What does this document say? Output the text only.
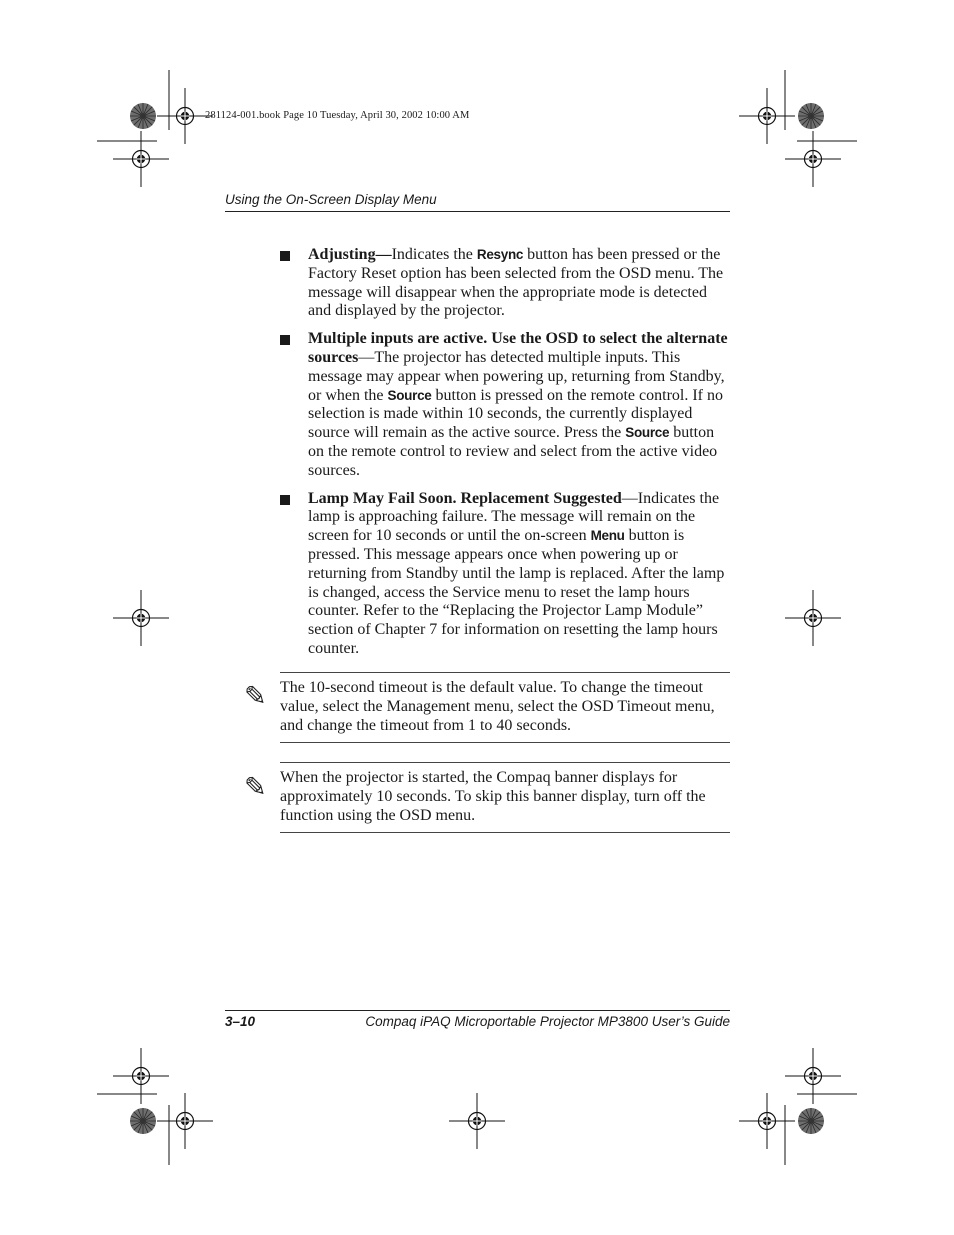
281124-001.book Page 10 Tuesday, April 30, 2002 10:00 AM
Using the On-Screen Display Menu
Adjusting—Indicates the Resync button has been pressed or the Factory Reset option has been selected from the OSD menu. The message will disappear when the appropriate mode is detected and displayed by the projector.
Multiple inputs are active. Use the OSD to select the alternate sources—The projector has detected multiple inputs. This message may appear when powering up, returning from Standby, or when the Source button is pressed on the remote control. If no selection is made within 10 seconds, the currently displayed source will remain as the active source. Press the Source button on the remote control to review and select from the active video sources.
Lamp May Fail Soon. Replacement Suggested—Indicates the lamp is approaching failure. The message will remain on the screen for 10 seconds or until the on-screen Menu button is pressed. This message appears once when powering up or returning from Standby until the lamp is replaced. After the lamp is changed, access the Service menu to reset the lamp hours counter. Refer to the “Replacing the Projector Lamp Module” section of Chapter 7 for information on resetting the lamp hours counter.
✎ The 10-second timeout is the default value. To change the timeout value, select the Management menu, select the OSD Timeout menu, and change the timeout from 1 to 40 seconds.
✎ When the projector is started, the Compaq banner displays for approximately 10 seconds. To skip this banner display, turn off the function using the OSD menu.
3–10	Compaq iPAQ Microportable Projector MP3800 User’s Guide
